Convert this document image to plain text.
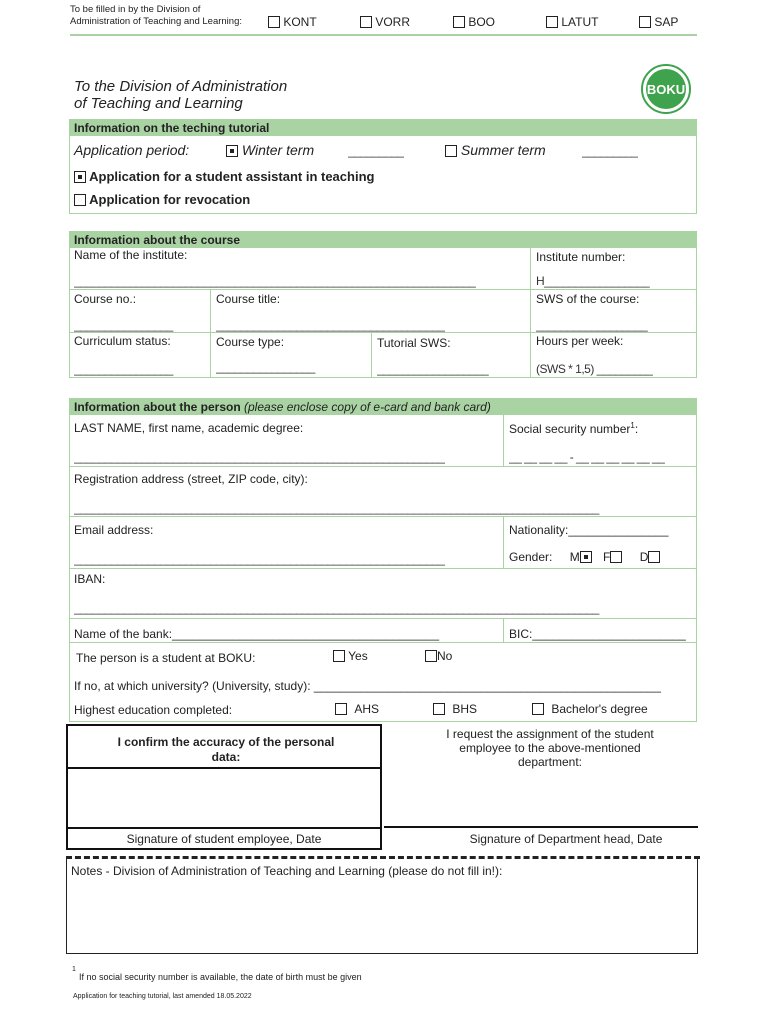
To be filled in by the Division of
Administration of Teaching and Learning:	KONT	VORR	BOO	LATUT	SAP
To the Division of Administration
of Teaching and Learning
BOKU
Information on the teching tutorial
Application period:	Winter term	_________	Summer term	_________
Application for a student assistant in teaching
Application for revocation
Information about the course
Name of the institute:	Institute number:
_________________________________________________________________	H_________________
Course no.:	Course title:	SWS of the course:
________________	_____________________________________	__________________
Curriculum status:	Course type:	Tutorial SWS:	Hours per week:
________________	________________	__________________	(SWS * 1,5) _________
Information about the person (please enclose copy of e-card and bank card)
LAST NAME, first name, academic degree:	Social security number$^1$:
____________________________________________________________	__ __ __ __ - __ __ __ __ __ __
Registration address (street, ZIP code, city):
_____________________________________________________________________________________
Email address:	Nationality:_______________
____________________________________________________________	Gender: M F D
IBAN:
_____________________________________________________________________________________
Name of the bank:________________________________________	BIC:_______________________
The person is a student at BOKU:	Yes	No
If no, at which university? (University, study): ____________________________________________________
Highest education completed:	AHS	BHS	Bachelor's degree
I confirm the accuracy of the personal data:
Signature of student employee, Date
I request the assignment of the student employee to the above-mentioned department:
Signature of Department head, Date
Notes - Division of Administration of Teaching and Learning (please do not fill in!):
1
If no social security number is available, the date of birth must be given
Application for teaching tutorial, last amended 18.05.2022
